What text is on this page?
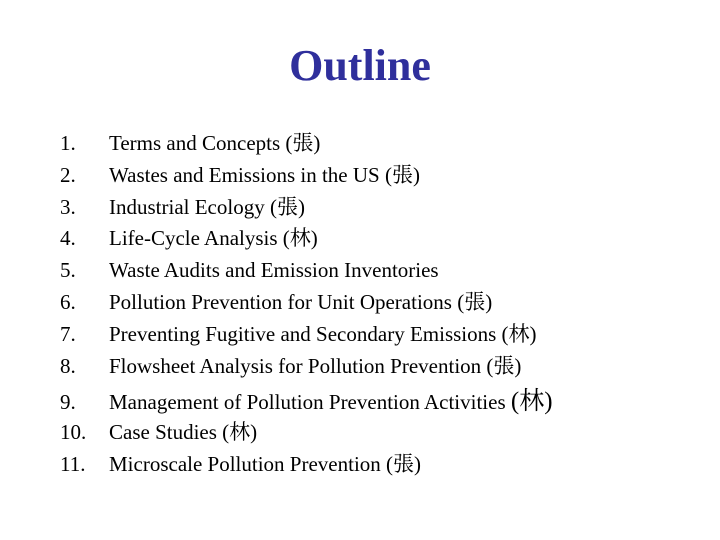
Outline
1.	Terms and Concepts (張)
2.	Wastes and Emissions in the US (張)
3.	Industrial Ecology (張)
4.	Life-Cycle Analysis (林)
5.	Waste Audits and Emission Inventories
6.	Pollution Prevention for Unit Operations (張)
7.	Preventing Fugitive and Secondary Emissions (林)
8.	Flowsheet Analysis for Pollution Prevention (張)
9.	Management of Pollution Prevention Activities (林)
10.	Case Studies (林)
11.	Microscale Pollution Prevention (張)
